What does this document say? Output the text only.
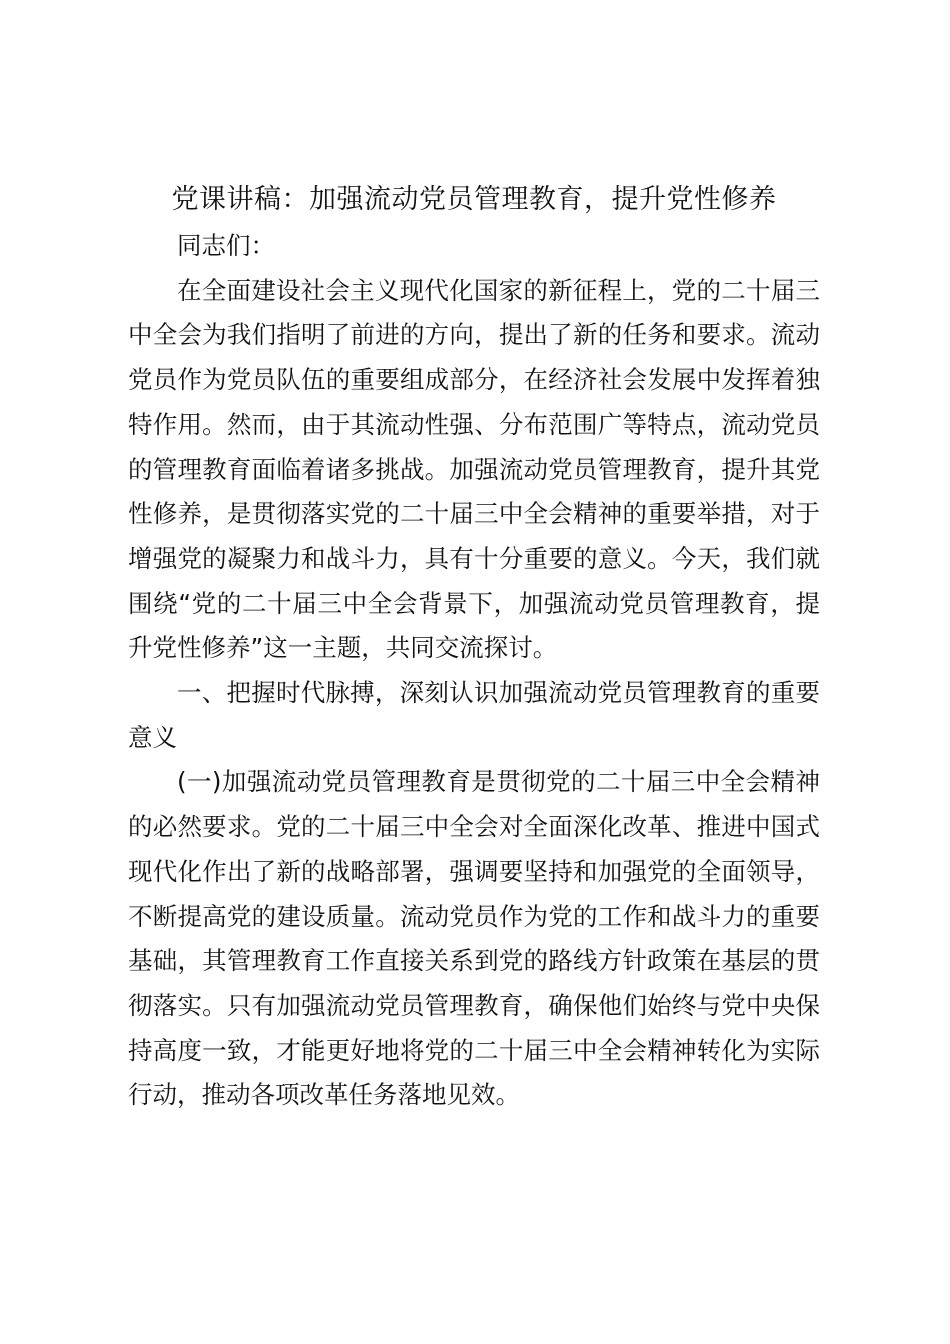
党课讲稿：加强流动党员管理教育，提升党性修养

同志们：

在全面建设社会主义现代化国家的新征程上，党的二十届三中全会为我们指明了前进的方向，提出了新的任务和要求。流动党员作为党员队伍的重要组成部分，在经济社会发展中发挥着独特作用。然而，由于其流动性强、分布范围广等特点，流动党员的管理教育面临着诸多挑战。加强流动党员管理教育，提升其党性修养，是贯彻落实党的二十届三中全会精神的重要举措，对于增强党的凝聚力和战斗力，具有十分重要的意义。今天，我们就围绕“党的二十届三中全会背景下，加强流动党员管理教育，提升党性修养”这一主题，共同交流探讨。

一、把握时代脉搏，深刻认识加强流动党员管理教育的重要意义

(一)加强流动党员管理教育是贯彻党的二十届三中全会精神的必然要求。党的二十届三中全会对全面深化改革、推进中国式现代化作出了新的战略部署，强调要坚持和加强党的全面领导，不断提高党的建设质量。流动党员作为党的工作和战斗力的重要基础，其管理教育工作直接关系到党的路线方针政策在基层的贯彻落实。只有加强流动党员管理教育，确保他们始终与党中央保持高度一致，才能更好地将党的二十届三中全会精神转化为实际行动，推动各项改革任务落地见效。
